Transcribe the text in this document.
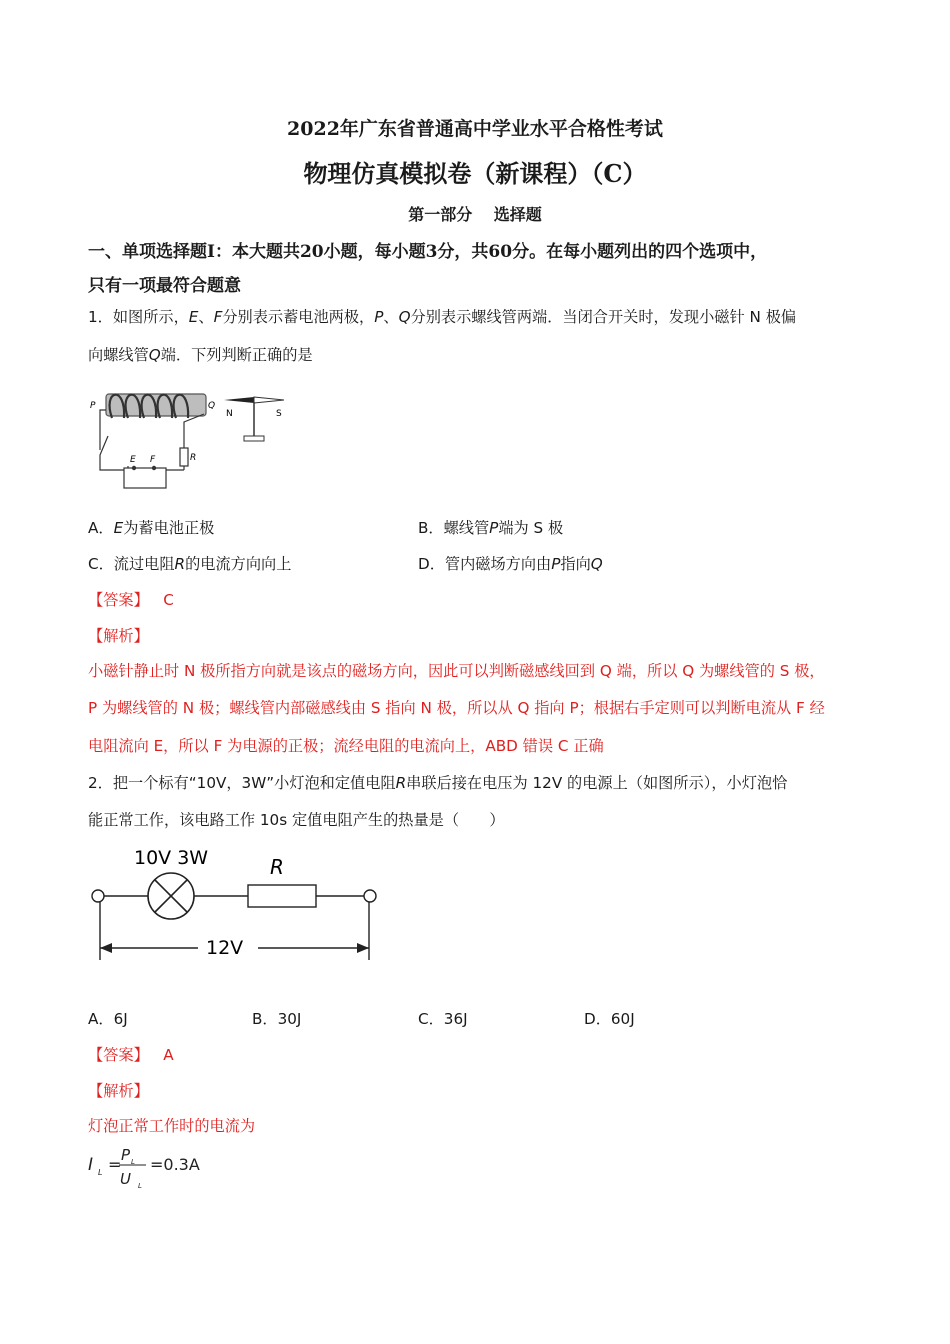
2022年广东省普通高中学业水平合格性考试
物理仿真模拟卷（新课程）（C）
第一部分　 选择题
一、单项选择题Ⅰ：本大题共20小题，每小题3分，共60分。在每小题列出的四个选项中，
只有一项最符合题意
1．如图所示，E、F分别表示蓄电池两极，P、Q分别表示螺线管两端．当闭合开关时，发现小磁针 N 极偏
向螺线管Q端．下列判断正确的是
P	Q
R
E F
N	S
A．E为蓄电池正极	B．螺线管P端为 S 极
C．流过电阻R的电流方向向上	D．管内磁场方向由P指向Q
【答案】 C
【解析】
小磁针静止时 N 极所指方向就是该点的磁场方向，因此可以判断磁感线回到 Q 端，所以 Q 为螺线管的 S 极，
P 为螺线管的 N 极；螺线管内部磁感线由 S 指向 N 极，所以从 Q 指向 P；根据右手定则可以判断电流从 F 经
电阻流向 E，所以 F 为电源的正极；流经电阻的电流向上，ABD 错误 C 正确
2．把一个标有“10V，3W”小灯泡和定值电阻R串联后接在电压为 12V 的电源上（如图所示），小灯泡恰
能正常工作，该电路工作 10s 定值电阻产生的热量是（　　）
10V 3W	R
12V
A．6J	B．30J	C．36J	D．60J
【答案】 A
【解析】
灯泡正常工作时的电流为
I L = P L
U L
=0.3A
